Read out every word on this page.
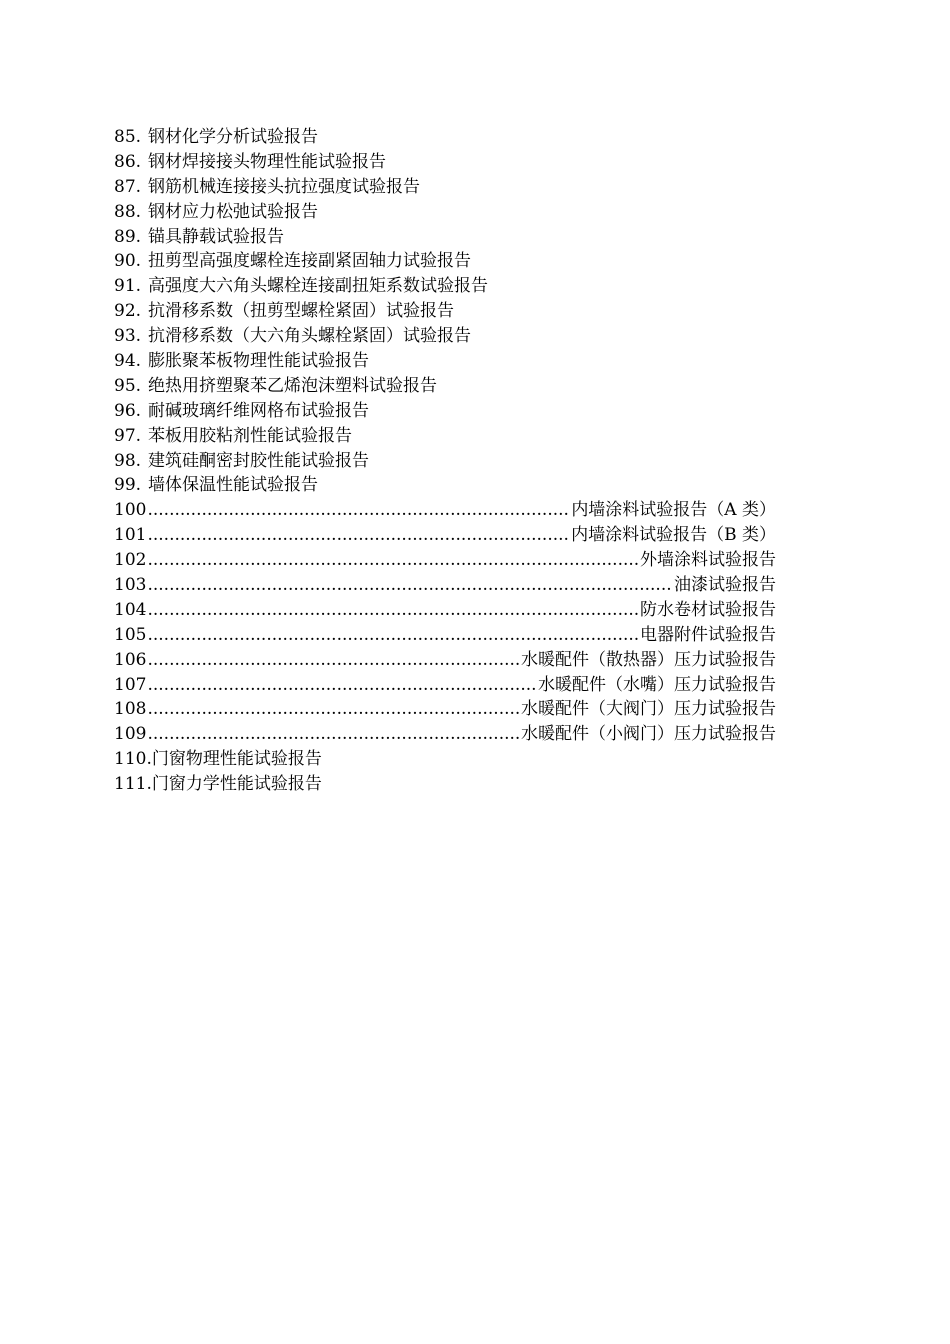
85. 钢材化学分析试验报告
86. 钢材焊接接头物理性能试验报告
87. 钢筋机械连接接头抗拉强度试验报告
88. 钢材应力松弛试验报告
89. 锚具静载试验报告
90. 扭剪型高强度螺栓连接副紧固轴力试验报告
91. 高强度大六角头螺栓连接副扭矩系数试验报告
92. 抗滑移系数（扭剪型螺栓紧固）试验报告
93. 抗滑移系数（大六角头螺栓紧固）试验报告
94. 膨胀聚苯板物理性能试验报告
95. 绝热用挤塑聚苯乙烯泡沫塑料试验报告
96. 耐碱玻璃纤维网格布试验报告
97. 苯板用胶粘剂性能试验报告
98. 建筑硅酮密封胶性能试验报告
99. 墙体保温性能试验报告
100 .....	内墙涂料试验报告（A 类）
101 .....	内墙涂料试验报告（B 类）
102 .....	外墙涂料试验报告
103 .....	油漆试验报告
104 .....	防水卷材试验报告
105 .....	电器附件试验报告
106 .....	水暖配件（散热器）压力试验报告
107 .....	水暖配件（水嘴）压力试验报告
108 .....	水暖配件（大阀门）压力试验报告
109 .....	水暖配件（小阀门）压力试验报告
110.门窗物理性能试验报告
111.门窗力学性能试验报告
